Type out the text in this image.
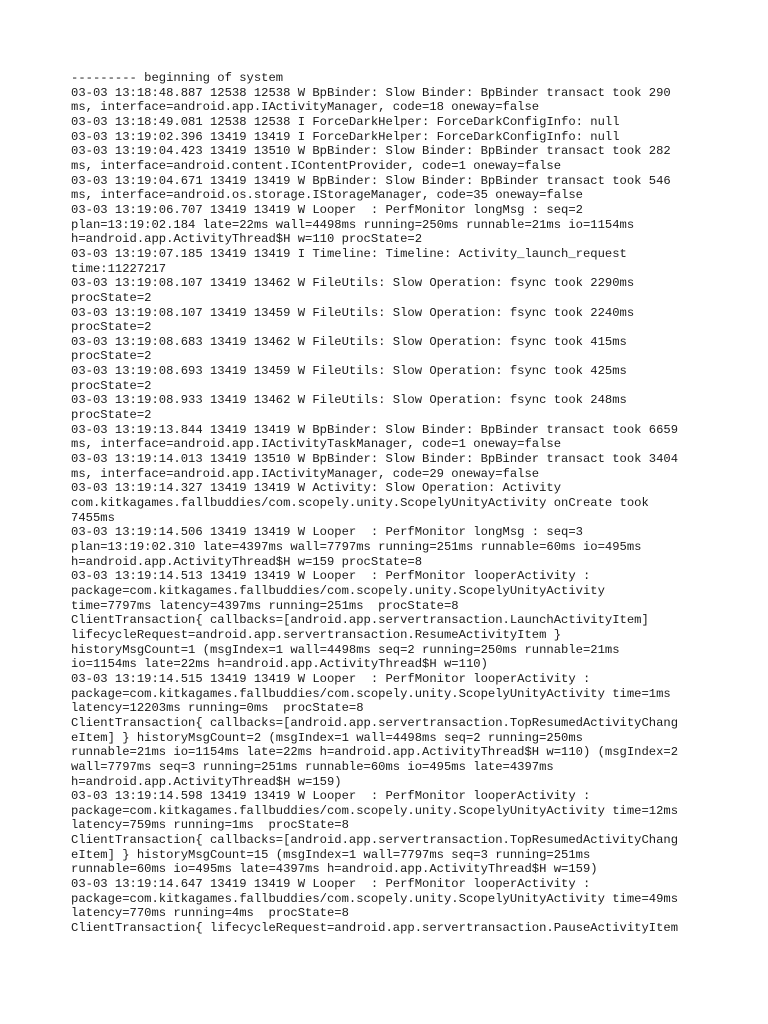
--------- beginning of system
03-03 13:18:48.887 12538 12538 W BpBinder: Slow Binder: BpBinder transact took 290
ms, interface=android.app.IActivityManager, code=18 oneway=false
03-03 13:18:49.081 12538 12538 I ForceDarkHelper: ForceDarkConfigInfo: null
03-03 13:19:02.396 13419 13419 I ForceDarkHelper: ForceDarkConfigInfo: null
03-03 13:19:04.423 13419 13510 W BpBinder: Slow Binder: BpBinder transact took 282
ms, interface=android.content.IContentProvider, code=1 oneway=false
03-03 13:19:04.671 13419 13419 W BpBinder: Slow Binder: BpBinder transact took 546
ms, interface=android.os.storage.IStorageManager, code=35 oneway=false
03-03 13:19:06.707 13419 13419 W Looper  : PerfMonitor longMsg : seq=2
plan=13:19:02.184 late=22ms wall=4498ms running=250ms runnable=21ms io=1154ms
h=android.app.ActivityThread$H w=110 procState=2
03-03 13:19:07.185 13419 13419 I Timeline: Timeline: Activity_launch_request
time:11227217
03-03 13:19:08.107 13419 13462 W FileUtils: Slow Operation: fsync took 2290ms
procState=2
03-03 13:19:08.107 13419 13459 W FileUtils: Slow Operation: fsync took 2240ms
procState=2
03-03 13:19:08.683 13419 13462 W FileUtils: Slow Operation: fsync took 415ms
procState=2
03-03 13:19:08.693 13419 13459 W FileUtils: Slow Operation: fsync took 425ms
procState=2
03-03 13:19:08.933 13419 13462 W FileUtils: Slow Operation: fsync took 248ms
procState=2
03-03 13:19:13.844 13419 13419 W BpBinder: Slow Binder: BpBinder transact took 6659
ms, interface=android.app.IActivityTaskManager, code=1 oneway=false
03-03 13:19:14.013 13419 13510 W BpBinder: Slow Binder: BpBinder transact took 3404
ms, interface=android.app.IActivityManager, code=29 oneway=false
03-03 13:19:14.327 13419 13419 W Activity: Slow Operation: Activity
com.kitkagames.fallbuddies/com.scopely.unity.ScopelyUnityActivity onCreate took
7455ms
03-03 13:19:14.506 13419 13419 W Looper  : PerfMonitor longMsg : seq=3
plan=13:19:02.310 late=4397ms wall=7797ms running=251ms runnable=60ms io=495ms
h=android.app.ActivityThread$H w=159 procState=8
03-03 13:19:14.513 13419 13419 W Looper  : PerfMonitor looperActivity :
package=com.kitkagames.fallbuddies/com.scopely.unity.ScopelyUnityActivity
time=7797ms latency=4397ms running=251ms  procState=8
ClientTransaction{ callbacks=[android.app.servertransaction.LaunchActivityItem]
lifecycleRequest=android.app.servertransaction.ResumeActivityItem }
historyMsgCount=1 (msgIndex=1 wall=4498ms seq=2 running=250ms runnable=21ms
io=1154ms late=22ms h=android.app.ActivityThread$H w=110)
03-03 13:19:14.515 13419 13419 W Looper  : PerfMonitor looperActivity :
package=com.kitkagames.fallbuddies/com.scopely.unity.ScopelyUnityActivity time=1ms
latency=12203ms running=0ms  procState=8
ClientTransaction{ callbacks=[android.app.servertransaction.TopResumedActivityChang
eItem] } historyMsgCount=2 (msgIndex=1 wall=4498ms seq=2 running=250ms
runnable=21ms io=1154ms late=22ms h=android.app.ActivityThread$H w=110) (msgIndex=2
wall=7797ms seq=3 running=251ms runnable=60ms io=495ms late=4397ms
h=android.app.ActivityThread$H w=159)
03-03 13:19:14.598 13419 13419 W Looper  : PerfMonitor looperActivity :
package=com.kitkagames.fallbuddies/com.scopely.unity.ScopelyUnityActivity time=12ms
latency=759ms running=1ms  procState=8
ClientTransaction{ callbacks=[android.app.servertransaction.TopResumedActivityChang
eItem] } historyMsgCount=15 (msgIndex=1 wall=7797ms seq=3 running=251ms
runnable=60ms io=495ms late=4397ms h=android.app.ActivityThread$H w=159)
03-03 13:19:14.647 13419 13419 W Looper  : PerfMonitor looperActivity :
package=com.kitkagames.fallbuddies/com.scopely.unity.ScopelyUnityActivity time=49ms
latency=770ms running=4ms  procState=8
ClientTransaction{ lifecycleRequest=android.app.servertransaction.PauseActivityItem
